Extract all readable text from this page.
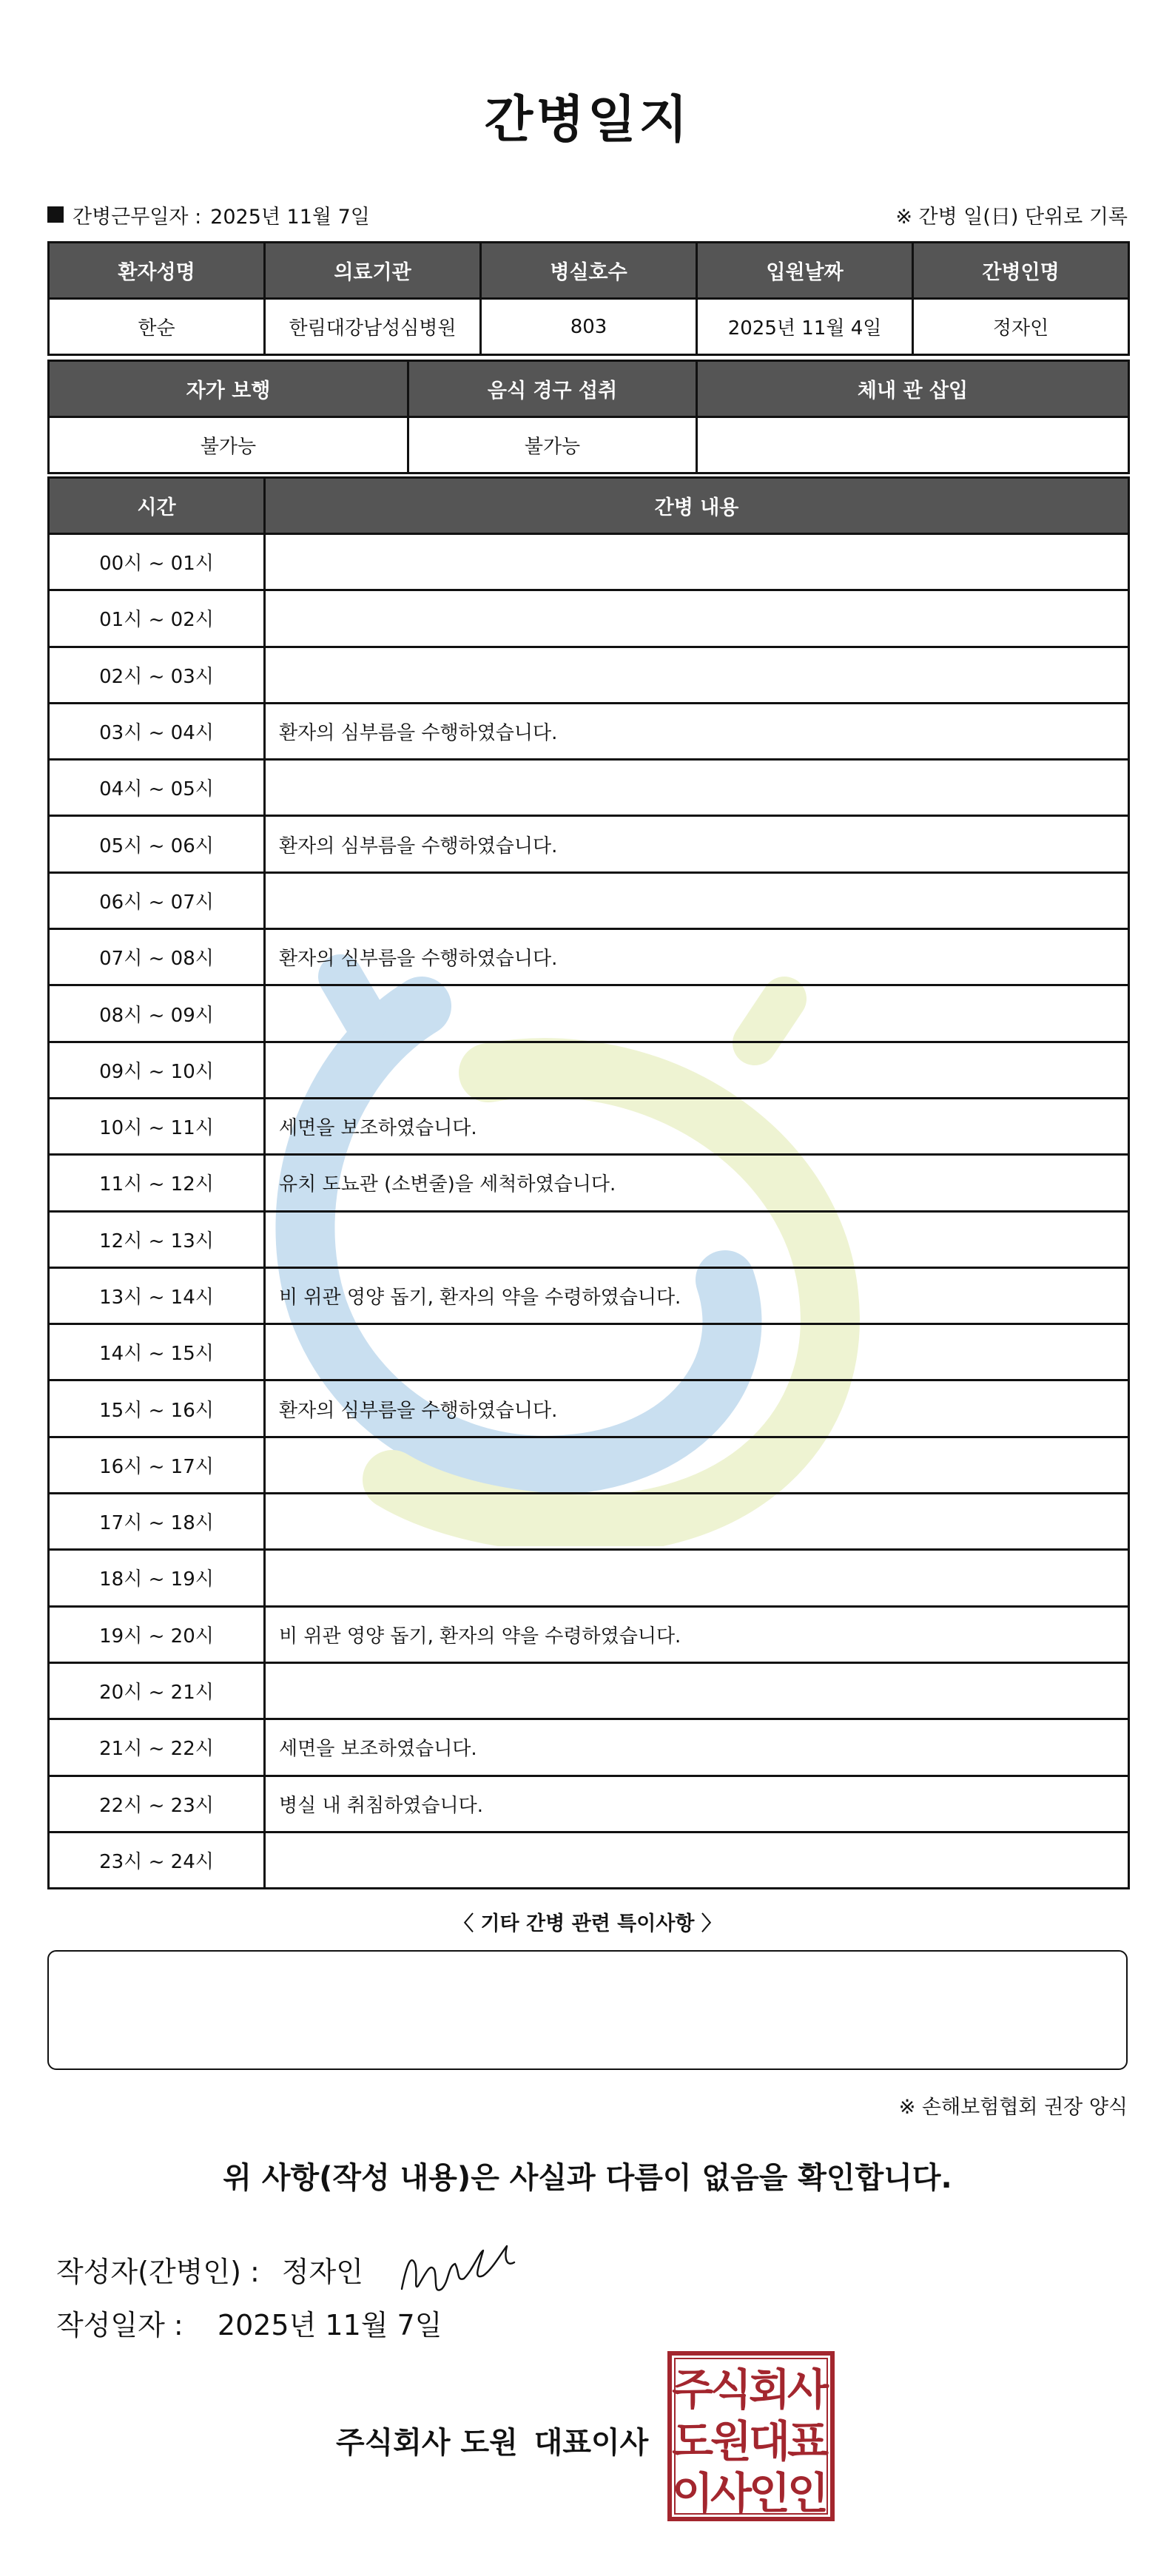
간병일지
간병근무일자 : 2025년 11월 7일	※ 간병 일(日) 단위로 기록
환자성명	의료기관		병실호수	입원날짜	간병인명
한순	한림대강남성심병원		803	2025년 11월 4일	정자인

자가 보행		음식 경구 섭취		체내 관 삽입	
불가능		불가능			
시간	간병 내용
00시 ~ 01시	
01시 ~ 02시	
02시 ~ 03시	
03시 ~ 04시	환자의 심부름을 수행하였습니다.
04시 ~ 05시	
05시 ~ 06시	환자의 심부름을 수행하였습니다.
06시 ~ 07시	
07시 ~ 08시	환자의 심부름을 수행하였습니다.
08시 ~ 09시	
09시 ~ 10시	
10시 ~ 11시	세면을 보조하였습니다.
11시 ~ 12시	유치 도뇨관 (소변줄)을 세척하였습니다.
12시 ~ 13시	
13시 ~ 14시	비 위관 영양 돕기, 환자의 약을 수령하였습니다.
14시 ~ 15시	
15시 ~ 16시	환자의 심부름을 수행하였습니다.
16시 ~ 17시	
17시 ~ 18시	
18시 ~ 19시	
19시 ~ 20시	비 위관 영양 돕기, 환자의 약을 수령하였습니다.
20시 ~ 21시	
21시 ~ 22시	세면을 보조하였습니다.
22시 ~ 23시	병실 내 취침하였습니다.
23시 ~ 24시	
〈 기타 간병 관련 특이사항 〉
※ 손해보험협회 권장 양식
위 사항(작성 내용)은 사실과 다름이 없음을 확인합니다.
작성자(간병인) : 정자인
작성일자 : 2025년 11월 7일
주식회사 도원 대표이사
주
식
회
사
도
원
대
표
이
사
인
인
